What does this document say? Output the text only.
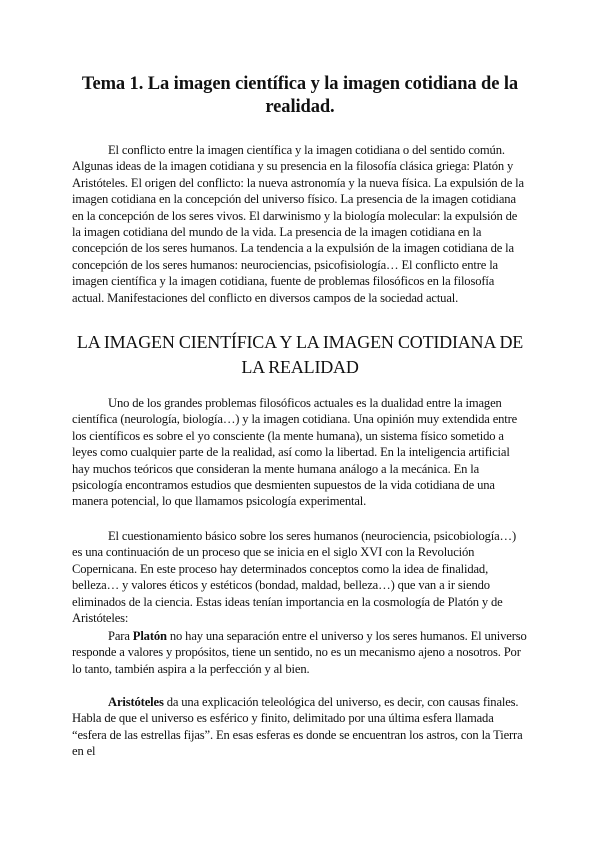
Tema 1. La imagen científica y la imagen cotidiana de la realidad.

El conflicto entre la imagen científica y la imagen cotidiana o del sentido común. Algunas ideas de la imagen cotidiana y su presencia en la filosofía clásica griega: Platón y Aristóteles. El origen del conflicto: la nueva astronomía y la nueva física. La expulsión de la imagen cotidiana en la concepción del universo físico. La presencia de la imagen cotidiana en la concepción de los seres vivos. El darwinismo y la biología molecular: la expulsión de la imagen cotidiana del mundo de la vida. La presencia de la imagen cotidiana en la concepción de los seres humanos. La tendencia a la expulsión de la imagen cotidiana de la concepción de los seres humanos: neurociencias, psicofisiología… El conflicto entre la imagen científica y la imagen cotidiana, fuente de problemas filosóficos en la filosofía actual. Manifestaciones del conflicto en diversos campos de la sociedad actual.

LA IMAGEN CIENTÍFICA Y LA IMAGEN COTIDIANA DE LA REALIDAD

Uno de los grandes problemas filosóficos actuales es la dualidad entre la imagen científica (neurología, biología…) y la imagen cotidiana. Una opinión muy extendida entre los científicos es sobre el yo consciente (la mente humana), un sistema físico sometido a leyes como cualquier parte de la realidad, así como la libertad. En la inteligencia artificial hay muchos teóricos que consideran la mente humana análogo a la mecánica. En la psicología encontramos estudios que desmienten supuestos de la vida cotidiana de una manera potencial, lo que llamamos psicología experimental.

El cuestionamiento básico sobre los seres humanos (neurociencia, psicobiología…) es una continuación de un proceso que se inicia en el siglo XVI con la Revolución Copernicana. En este proceso hay determinados conceptos como la idea de finalidad, belleza… y valores éticos y estéticos (bondad, maldad, belleza…) que van a ir siendo eliminados de la ciencia. Estas ideas tenían importancia en la cosmología de Platón y de Aristóteles:

Para Platón no hay una separación entre el universo y los seres humanos. El universo responde a valores y propósitos, tiene un sentido, no es un mecanismo ajeno a nosotros. Por lo tanto, también aspira a la perfección y al bien.

Aristóteles da una explicación teleológica del universo, es decir, con causas finales. Habla de que el universo es esférico y finito, delimitado por una última esfera llamada “esfera de las estrellas fijas”. En esas esferas es donde se encuentran los astros, con la Tierra en el
